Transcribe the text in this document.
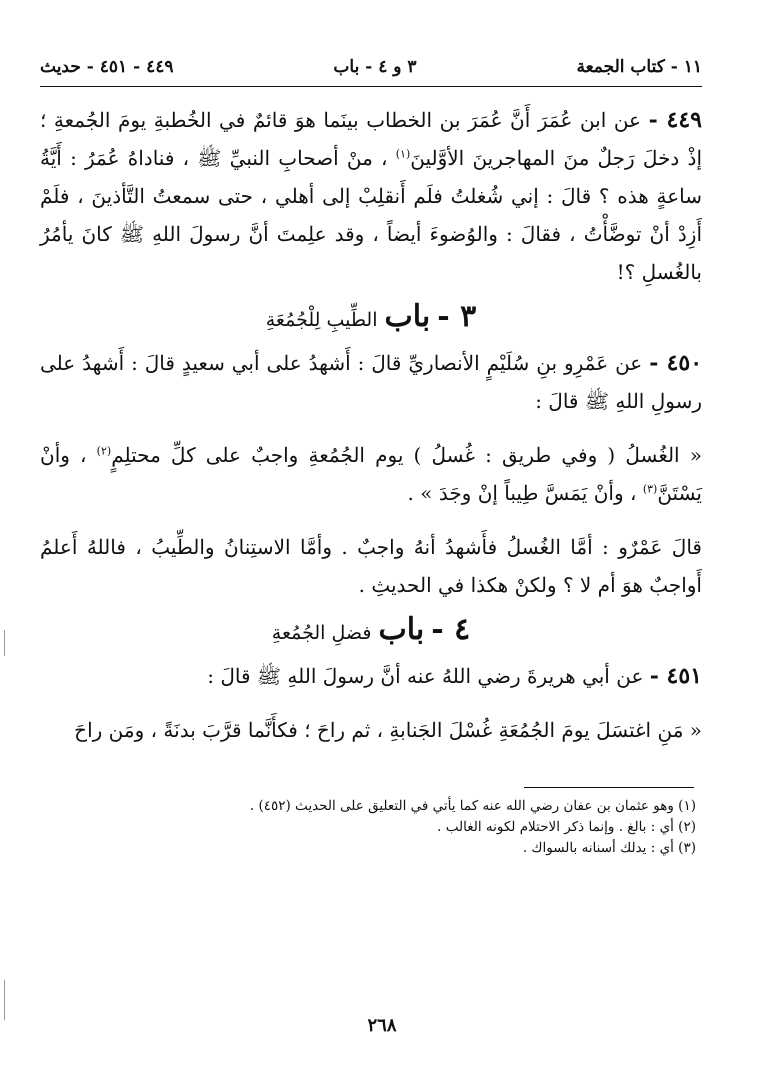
١١ - كتاب الجمعة
٣ و ٤ - باب
٤٤٩ - ٤٥١ - حديث

٤٤٩ - عن ابن عُمَرَ أَنَّ عُمَرَ بن الخطاب بينَما هوَ قائمٌ في الخُطبةِ يومَ الجُمعةِ ؛ إذْ دخلَ رَجلٌ منَ المهاجرينَ الأوَّلينَ$^{(١)}$ ، منْ أصحابِ النبيِّ ﷺ ، فناداهُ عُمَرُ : أَيَّةُ ساعةٍ هذه ؟ قالَ : إني شُغلتُ فلَم أَنقلِبْ إلى أهلي ، حتى سمعتُ التَّأذينَ ، فلَمْ أَزِدْ أنْ توضَّأْتُ ، فقالَ : والوُضوءَ أيضاً ، وقد علِمتَ أنَّ رسولَ اللهِ ﷺ كانَ يأمُرُ بالغُسلِ ؟!

٣ - باب الطِّيبِ لِلْجُمُعَةِ

٤٥٠ - عن عَمْرِو بنِ سُلَيْمٍ الأنصاريِّ قالَ : أَشهدُ على أبي سعيدٍ قالَ : أَشهدُ على رسولِ اللهِ ﷺ قالَ :

« الغُسلُ ( وفي طريق : غُسلُ ) يوم الجُمُعةِ واجبٌ على كلِّ محتلِمٍ$^{(٢)}$ ، وأنْ يَسْتَنَّ$^{(٣)}$ ، وأنْ يَمَسَّ طِيباً إنْ وجَدَ » .

قالَ عَمْرٌو : أمَّا الغُسلُ فأَشهدُ أنهُ واجبٌ . وأمَّا الاستِنانُ والطِّيبُ ، فاللهُ أَعلمُ أَواجبٌ هوَ أم لا ؟ ولكنْ هكذا في الحديثِ .

٤ - باب فضلِ الجُمُعةِ

٤٥١ - عن أبي هريرةَ رضي اللهُ عنه أنَّ رسولَ اللهِ ﷺ قالَ :

« مَنِ اغتسَلَ يومَ الجُمُعَةِ غُسْلَ الجَنابةِ ، ثم راحَ ؛ فكأَنَّما قرَّبَ بدنَةً ، ومَن راحَ

(١) وهو عثمان بن عفان رضي الله عنه كما يأتي في التعليق على الحديث (٤٥٢) .
(٢) أي : بالغ . وإنما ذكر الاحتلام لكونه الغالب .
(٣) أي : يدلك أسنانه بالسواك .
٢٦٨
